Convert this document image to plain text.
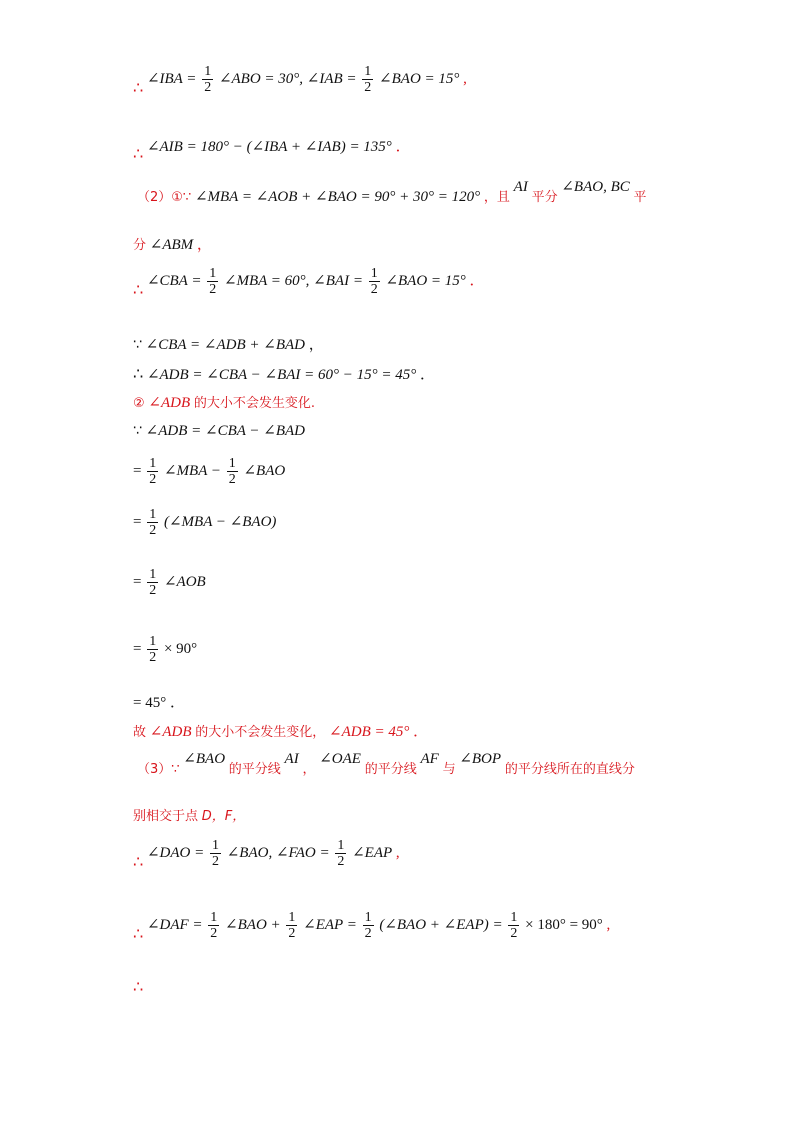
∴ ∠IBA = $\frac{1}{2}$ ∠ABO = 30°, ∠IAB = $\frac{1}{2}$ ∠BAO = 15° ,
∴ ∠AIB = 180° − (∠IBA + ∠IAB) = 135° ．
（2）①∵ ∠MBA = ∠AOB + ∠BAO = 90° + 30° = 120° ，且 AI 平分 ∠BAO, BC 平
分 ∠ABM ，
∴ ∠CBA = $\frac{1}{2}$ ∠MBA = 60°, ∠BAI = $\frac{1}{2}$ ∠BAO = 15° ．
∵ ∠CBA = ∠ADB + ∠BAD ，
∴ ∠ADB = ∠CBA − ∠BAI = 60° − 15° = 45° ．
② ∠ADB 的大小不会发生变化.
∵ ∠ADB = ∠CBA − ∠BAD
= $\frac{1}{2}$ ∠MBA − $\frac{1}{2}$ ∠BAO
= $\frac{1}{2}$ (∠MBA − ∠BAO)
= $\frac{1}{2}$ ∠AOB
= $\frac{1}{2} \times 90^\circ$
= 45° ．
故 ∠ADB 的大小不会发生变化， ∠ADB = 45° ．
（3）∵ ∠BAO 的平分线 AI ， ∠OAE 的平分线 AF 与 ∠BOP 的平分线所在的直线分
别相交于点 D，F，
∴ ∠DAO = $\frac{1}{2}$ ∠BAO, ∠FAO = $\frac{1}{2}$ ∠EAP ,
∴ ∠DAF = $\frac{1}{2}$ ∠BAO + $\frac{1}{2}$ ∠EAP = $\frac{1}{2}$ (∠BAO + ∠EAP) = $\frac{1}{2} \times 180^\circ = 90^\circ$ ,
∴
